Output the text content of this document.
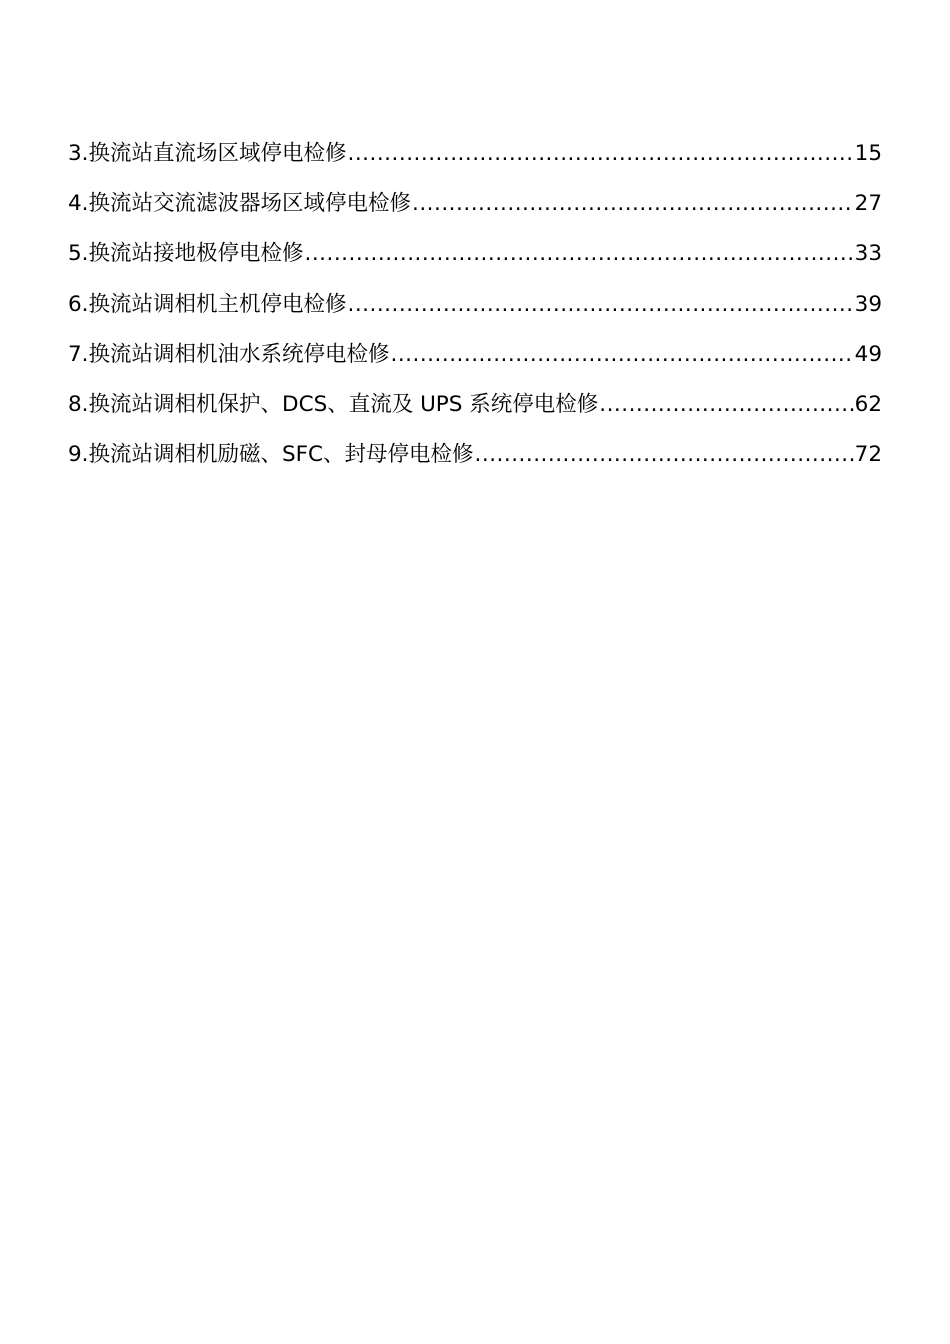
3.换流站直流场区域停电检修 .....	15
4.换流站交流滤波器场区域停电检修 .....	27
5.换流站接地极停电检修 .....	33
6.换流站调相机主机停电检修 .....	39
7.换流站调相机油水系统停电检修 .....	49
8.换流站调相机保护、DCS、直流及 UPS 系统停电检修 .....	62
9.换流站调相机励磁、SFC、封母停电检修 .....	72
